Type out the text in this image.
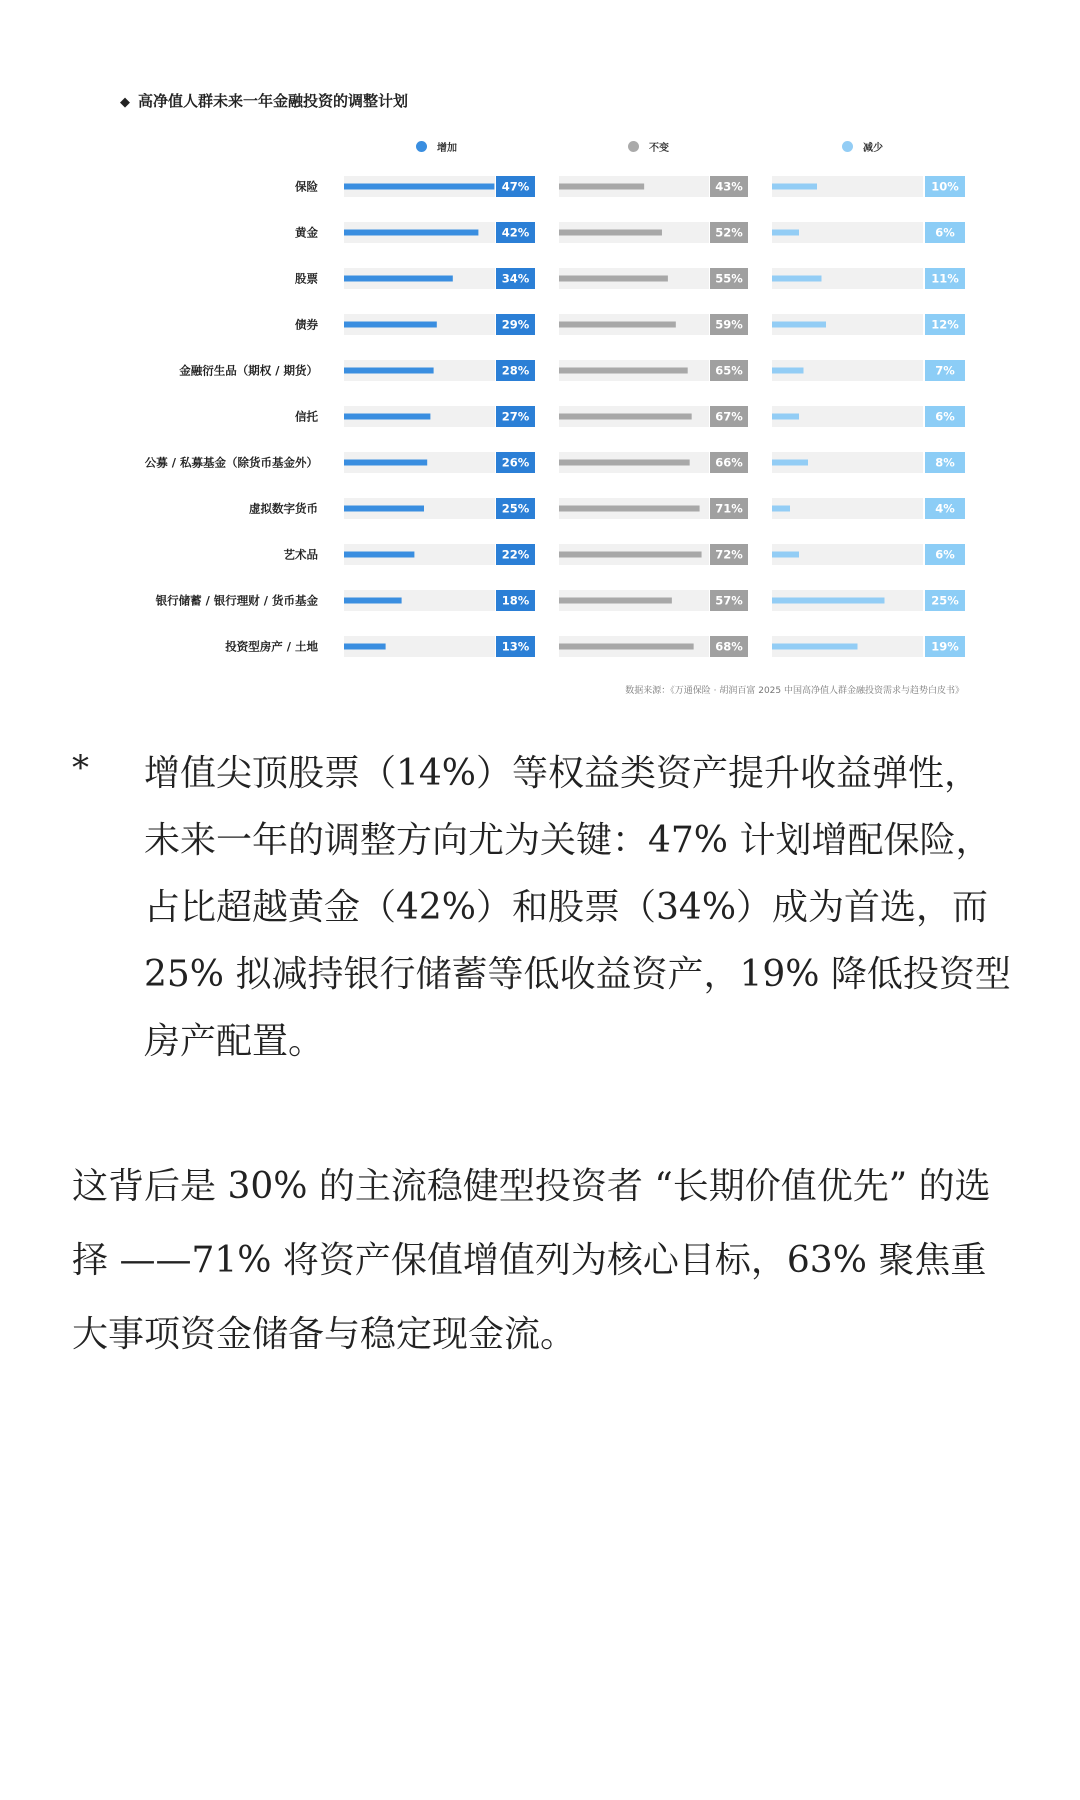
◆ 高净值人群未来一年金融投资的调整计划
增加	不变	减少
保险	47%	43%	10%
黄金	42%	52%	6%
股票	34%	55%	11%
债券	29%	59%	12%
金融衍生品（期权 / 期货）	28%	65%	7%
信托	27%	67%	6%
公募 / 私募基金（除货币基金外）	26%	66%	8%
虚拟数字货币	25%	71%	4%
艺术品	22%	72%	6%
银行储蓄 / 银行理财 / 货币基金	18%	57%	25%
投资型房产 / 土地	13%	68%	19%
数据来源：《万通保险 · 胡润百富 2025 中国高净值人群金融投资需求与趋势白皮书》
* 增值尖顶股票（14%）等权益类资产提升收益弹性，未来一年的调整方向尤为关键：47% 计划增配保险，占比超越黄金（42%）和股票（34%）成为首选，而 25% 拟减持银行储蓄等低收益资产，19% 降低投资型房产配置。
这背后是 30% 的主流稳健型投资者 “长期价值优先” 的选择 ——71% 将资产保值增值列为核心目标，63% 聚焦重大事项资金储备与稳定现金流。
